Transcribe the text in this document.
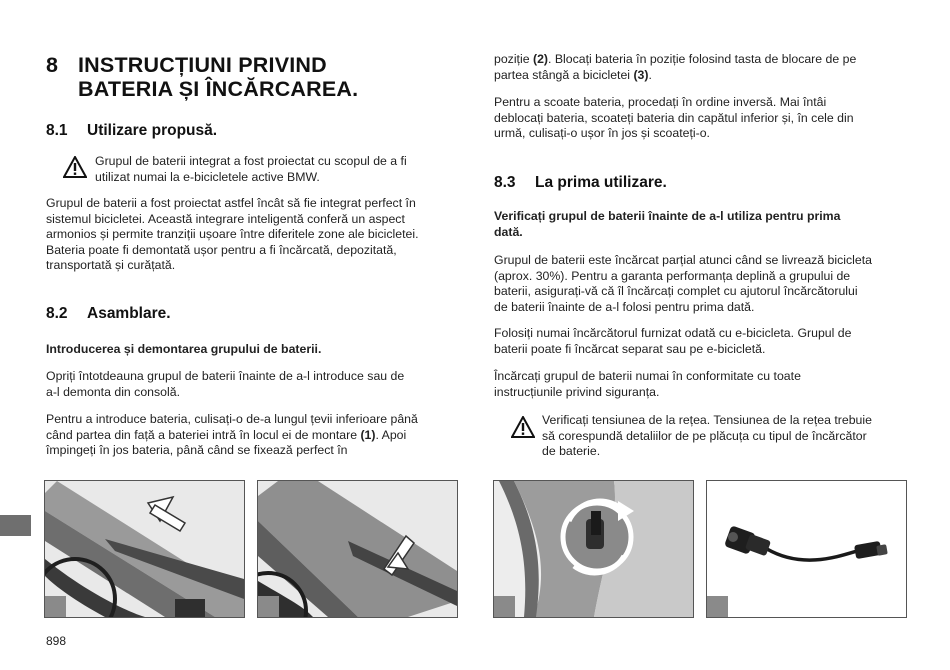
8 INSTRUCȚIUNI PRIVIND
BATERIA ȘI ÎNCĂRCAREA.
8.1 Utilizare propusă.
Grupul de baterii integrat a fost proiectat cu scopul de a fi
utilizat numai la e-bicicletele active BMW.
Grupul de baterii a fost proiectat astfel încât să fie integrat perfect în
sistemul bicicletei. Această integrare inteligentă conferă un aspect
armonios și permite tranziții ușoare între diferitele zone ale bicicletei.
Bateria poate fi demontată ușor pentru a fi încărcată, depozitată,
transportată și curățată.
8.2 Asamblare.
Introducerea și demontarea grupului de baterii.
Opriți întotdeauna grupul de baterii înainte de a-l introduce sau de
a-l demonta din consolă.
Pentru a introduce bateria, culisați-o de-a lungul țevii inferioare până
când partea din față a bateriei intră în locul ei de montare (1). Apoi
împingeți în jos bateria, până când se fixează perfect în
898
poziție (2). Blocați bateria în poziție folosind tasta de blocare de pe
partea stângă a bicicletei (3).
Pentru a scoate bateria, procedați în ordine inversă. Mai întâi
deblocați bateria, scoateți bateria din capătul inferior și, în cele din
urmă, culisați-o ușor în jos și scoateți-o.
8.3 La prima utilizare.
Verificați grupul de baterii înainte de a-l utiliza pentru prima
dată.
Grupul de baterii este încărcat parțial atunci când se livrează bicicleta
(aprox. 30%). Pentru a garanta performanța deplină a grupului de
baterii, asigurați-vă că îl încărcați complet cu ajutorul încărcătorului
de baterii înainte de a-l folosi pentru prima dată.
Folosiți numai încărcătorul furnizat odată cu e-bicicleta. Grupul de
baterii poate fi încărcat separat sau pe e-bicicletă.
Încărcați grupul de baterii numai în conformitate cu toate
instrucțiunile privind siguranța.
Verificați tensiunea de la rețea. Tensiunea de la rețea trebuie
să corespundă detaliilor de pe plăcuța cu tipul de încărcător
de baterie.
